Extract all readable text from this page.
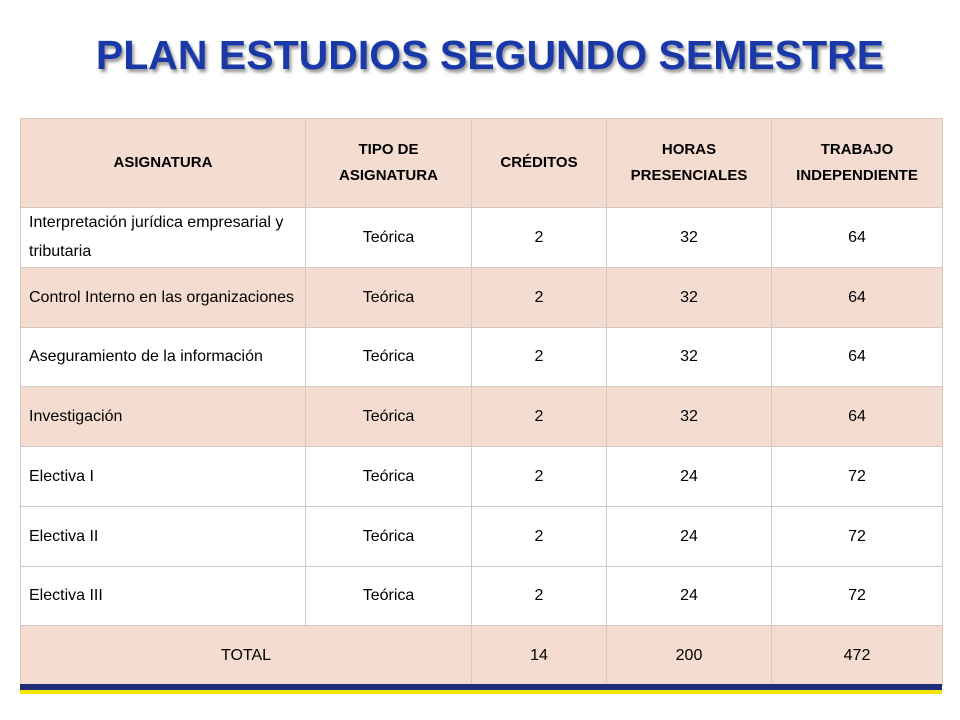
PLAN ESTUDIOS SEGUNDO SEMESTRE
ASIGNATURA	TIPO DE ASIGNATURA	CRÉDITOS	HORAS PRESENCIALES	TRABAJO INDEPENDIENTE
Interpretación jurídica empresarial y tributaria	Teórica	2	32	64
Control Interno en las organizaciones	Teórica	2	32	64
Aseguramiento de la información	Teórica	2	32	64
Investigación	Teórica	2	32	64
Electiva I	Teórica	2	24	72
Electiva II	Teórica	2	24	72
Electiva III	Teórica	2	24	72
TOTAL		14	200	472
